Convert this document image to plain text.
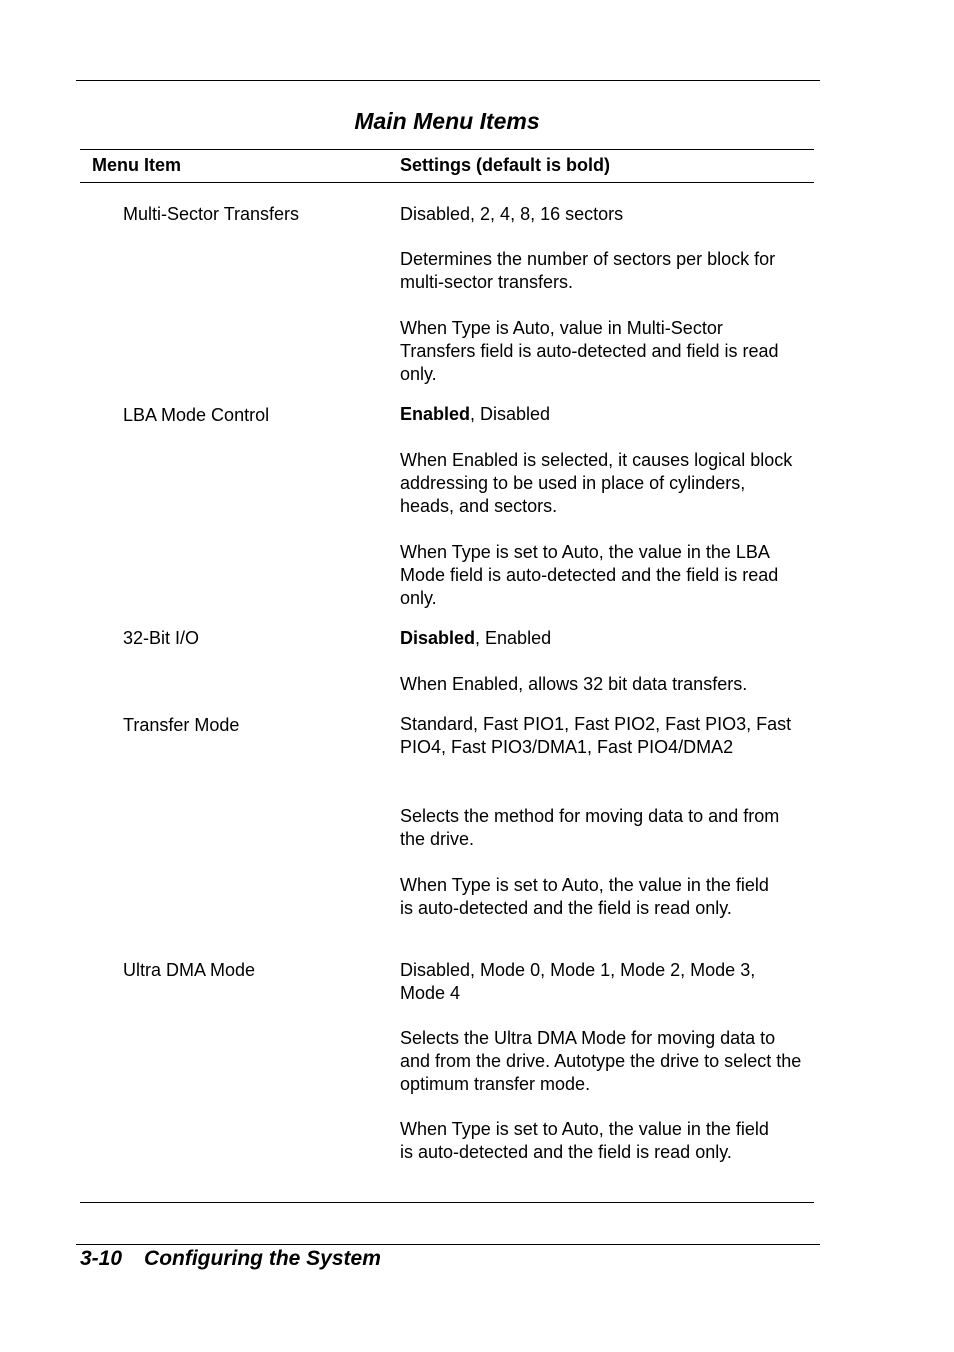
Main Menu Items
Menu Item	Settings (default is bold)
Multi-Sector Transfers	Disabled, 2, 4, 8, 16 sectors
Determines the number of sectors per block for multi-sector transfers.
When Type is Auto, value in Multi-Sector Transfers field is auto-detected and field is read only.
LBA Mode Control	Enabled, Disabled
When Enabled is selected, it causes logical block addressing to be used in place of cylinders, heads, and sectors.
When Type is set to Auto, the value in the LBA Mode field is auto-detected and the field is read only.
32-Bit I/O	Disabled, Enabled
When Enabled, allows 32 bit data transfers.
Transfer Mode	Standard, Fast PIO1, Fast PIO2, Fast PIO3, Fast PIO4, Fast PIO3/DMA1, Fast PIO4/DMA2
Selects the method for moving data to and from the drive.
When Type is set to Auto, the value in the field is auto-detected and the field is read only.
Ultra DMA Mode	Disabled, Mode 0, Mode 1, Mode 2, Mode 3, Mode 4
Selects the Ultra DMA Mode for moving data to and from the drive. Autotype the drive to select the optimum transfer mode.
When Type is set to Auto, the value in the field is auto-detected and the field is read only.
3-10 Configuring the System
